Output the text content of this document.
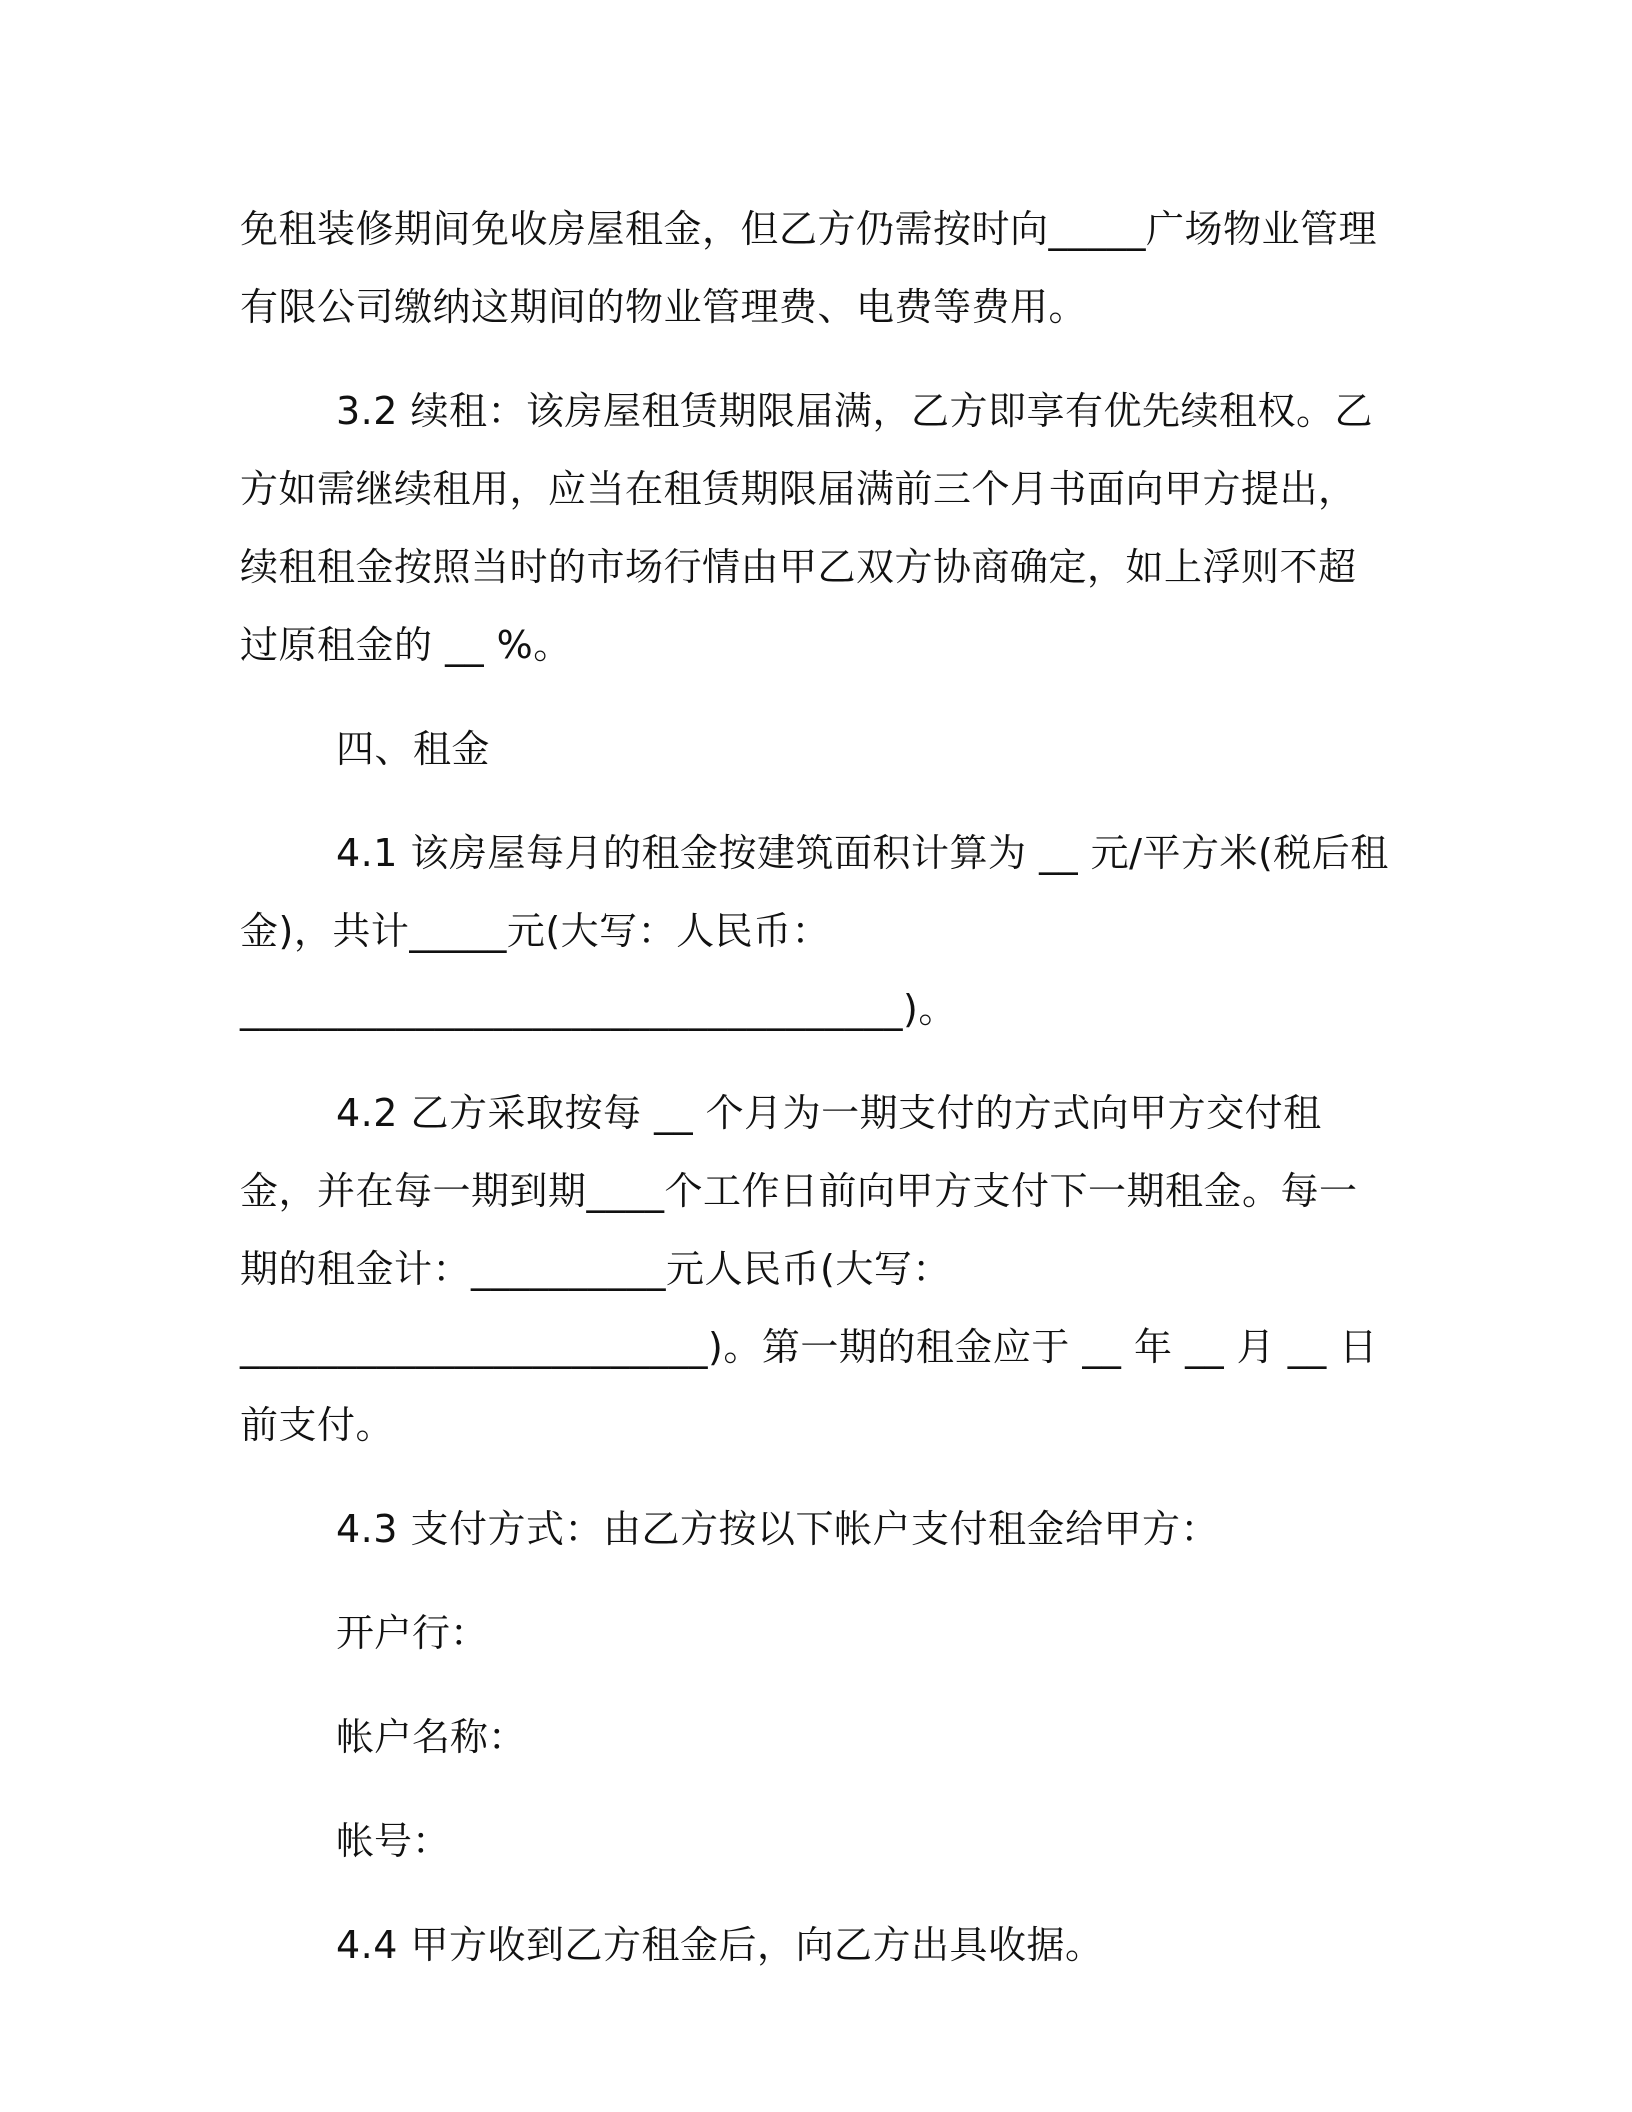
免租装修期间免收房屋租金，但乙方仍需按时向_____广场物业管理有限公司缴纳这期间的物业管理费、电费等费用。

3.2 续租：该房屋租赁期限届满，乙方即享有优先续租权。乙方如需继续租用，应当在租赁期限届满前三个月书面向甲方提出，续租租金按照当时的市场行情由甲乙双方协商确定，如上浮则不超过原租金的 __ %。

四、租金

4.1 该房屋每月的租金按建筑面积计算为 __ 元/平方米(税后租金)，共计_____元(大写：人民币：__________________________________)。

4.2 乙方采取按每 __ 个月为一期支付的方式向甲方交付租金，并在每一期到期____个工作日前向甲方支付下一期租金。每一期的租金计：__________元人民币(大写：________________________)。第一期的租金应于 __ 年 __ 月 __ 日前支付。

4.3 支付方式：由乙方按以下帐户支付租金给甲方：

开户行：

帐户名称：

帐号：

4.4 甲方收到乙方租金后，向乙方出具收据。
